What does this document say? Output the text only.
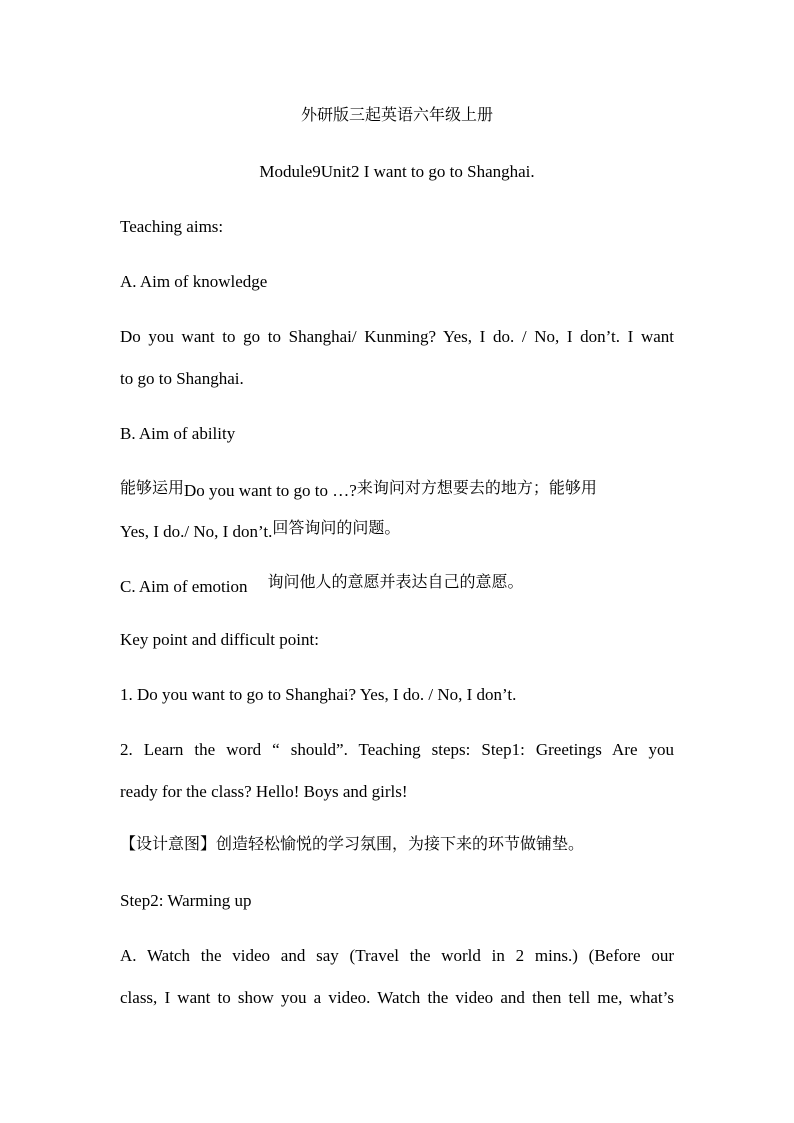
外研版三起英语六年级上册
Module9Unit2 I want to go to Shanghai.
Teaching aims:
A. Aim of knowledge
Do you want to go to Shanghai/ Kunming? Yes, I do. / No, I don’t. I want
to go to Shanghai.
B. Aim of ability
能够运用Do you want to go to …?来询问对方想要去的地方；能够用
Yes, I do./ No, I don’t.回答询问的问题。
C. Aim of emotion 询问他人的意愿并表达自己的意愿。
Key point and difficult point:
1. Do you want to go to Shanghai? Yes, I do. / No, I don’t.
2. Learn the word “ should”. Teaching steps: Step1: Greetings Are you
ready for the class? Hello! Boys and girls!
【设计意图】创造轻松愉悦的学习氛围，为接下来的环节做铺垫。
Step2: Warming up
A. Watch the video and say (Travel the world in 2 mins.) (Before our
class, I want to show you a video. Watch the video and then tell me, what’s
